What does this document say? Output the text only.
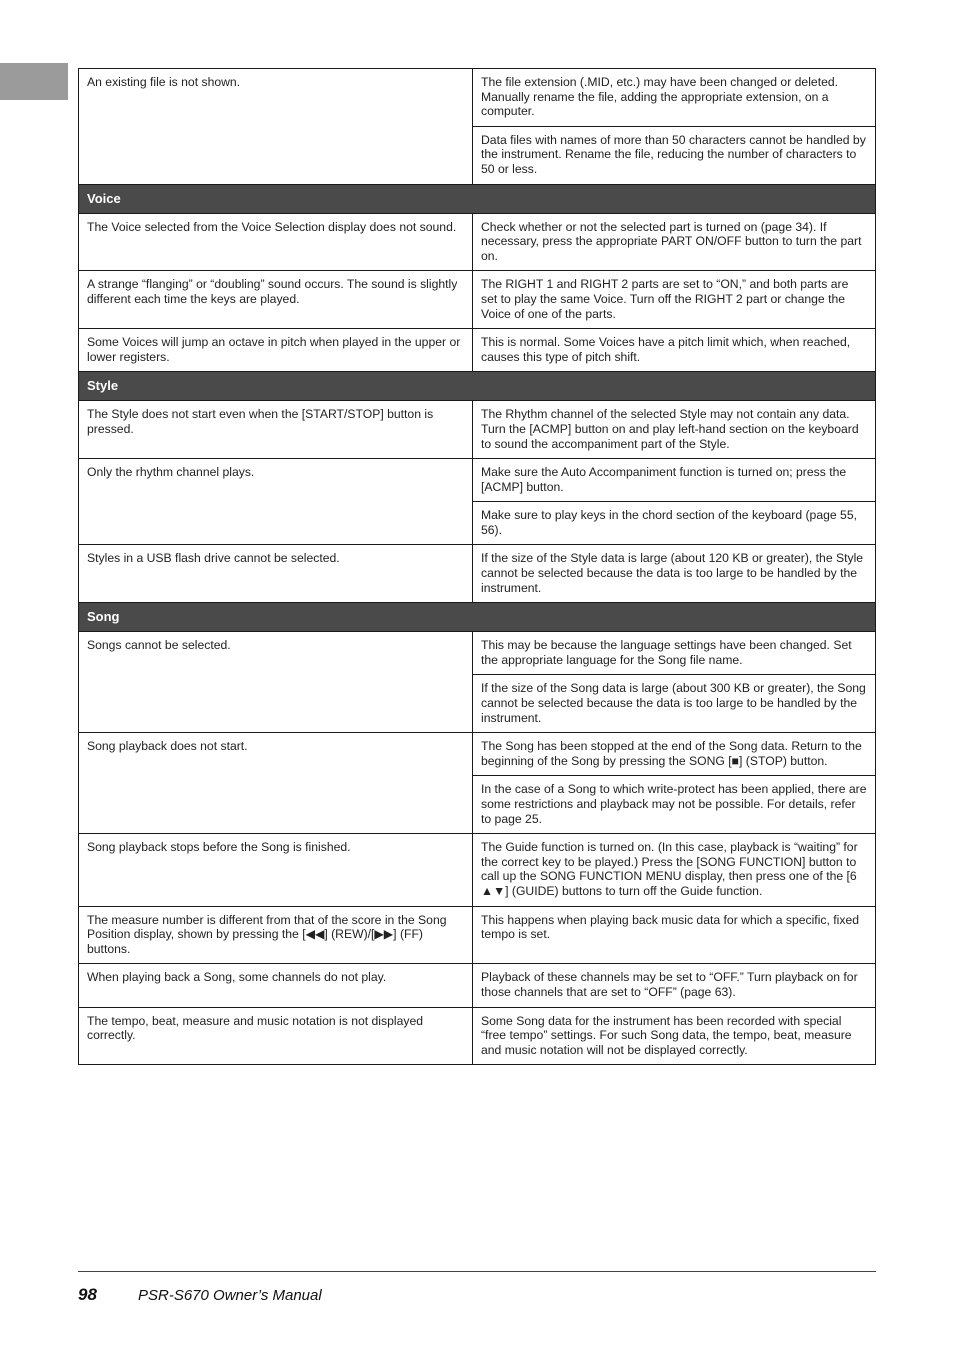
An existing file is not shown.	The file extension (.MID, etc.) may have been changed or deleted. Manually rename the file, adding the appropriate extension, on a computer.
	Data files with names of more than 50 characters cannot be handled by the instrument. Rename the file, reducing the number of characters to 50 or less.
Voice	
The Voice selected from the Voice Selection display does not sound.	Check whether or not the selected part is turned on (page 34). If necessary, press the appropriate PART ON/OFF button to turn the part on.
A strange “flanging” or “doubling” sound occurs. The sound is slightly different each time the keys are played.	The RIGHT 1 and RIGHT 2 parts are set to “ON,” and both parts are set to play the same Voice. Turn off the RIGHT 2 part or change the Voice of one of the parts.
Some Voices will jump an octave in pitch when played in the upper or lower registers.	This is normal. Some Voices have a pitch limit which, when reached, causes this type of pitch shift.
Style	
The Style does not start even when the [START/STOP] button is pressed.	The Rhythm channel of the selected Style may not contain any data. Turn the [ACMP] button on and play left-hand section on the keyboard to sound the accompaniment part of the Style.
Only the rhythm channel plays.	Make sure the Auto Accompaniment function is turned on; press the [ACMP] button.
	Make sure to play keys in the chord section of the keyboard (page 55, 56).
Styles in a USB flash drive cannot be selected.	If the size of the Style data is large (about 120 KB or greater), the Style cannot be selected because the data is too large to be handled by the instrument.
Song	
Songs cannot be selected.	This may be because the language settings have been changed. Set the appropriate language for the Song file name.
	If the size of the Song data is large (about 300 KB or greater), the Song cannot be selected because the data is too large to be handled by the instrument.
Song playback does not start.	The Song has been stopped at the end of the Song data. Return to the beginning of the Song by pressing the SONG [■] (STOP) button.
	In the case of a Song to which write-protect has been applied, there are some restrictions and playback may not be possible. For details, refer to page 25.
Song playback stops before the Song is finished.	The Guide function is turned on. (In this case, playback is “waiting” for the correct key to be played.) Press the [SONG FUNCTION] button to call up the SONG FUNCTION MENU display, then press one of the [6 ▲▼] (GUIDE) buttons to turn off the Guide function.
The measure number is different from that of the score in the Song Position display, shown by pressing the [◀◀] (REW)/[▶▶] (FF) buttons.	This happens when playing back music data for which a specific, fixed tempo is set.
When playing back a Song, some channels do not play.	Playback of these channels may be set to “OFF.” Turn playback on for those channels that are set to “OFF” (page 63).
The tempo, beat, measure and music notation is not displayed correctly.	Some Song data for the instrument has been recorded with special “free tempo” settings. For such Song data, the tempo, beat, measure and music notation will not be displayed correctly.
98	PSR-S670 Owner’s Manual
